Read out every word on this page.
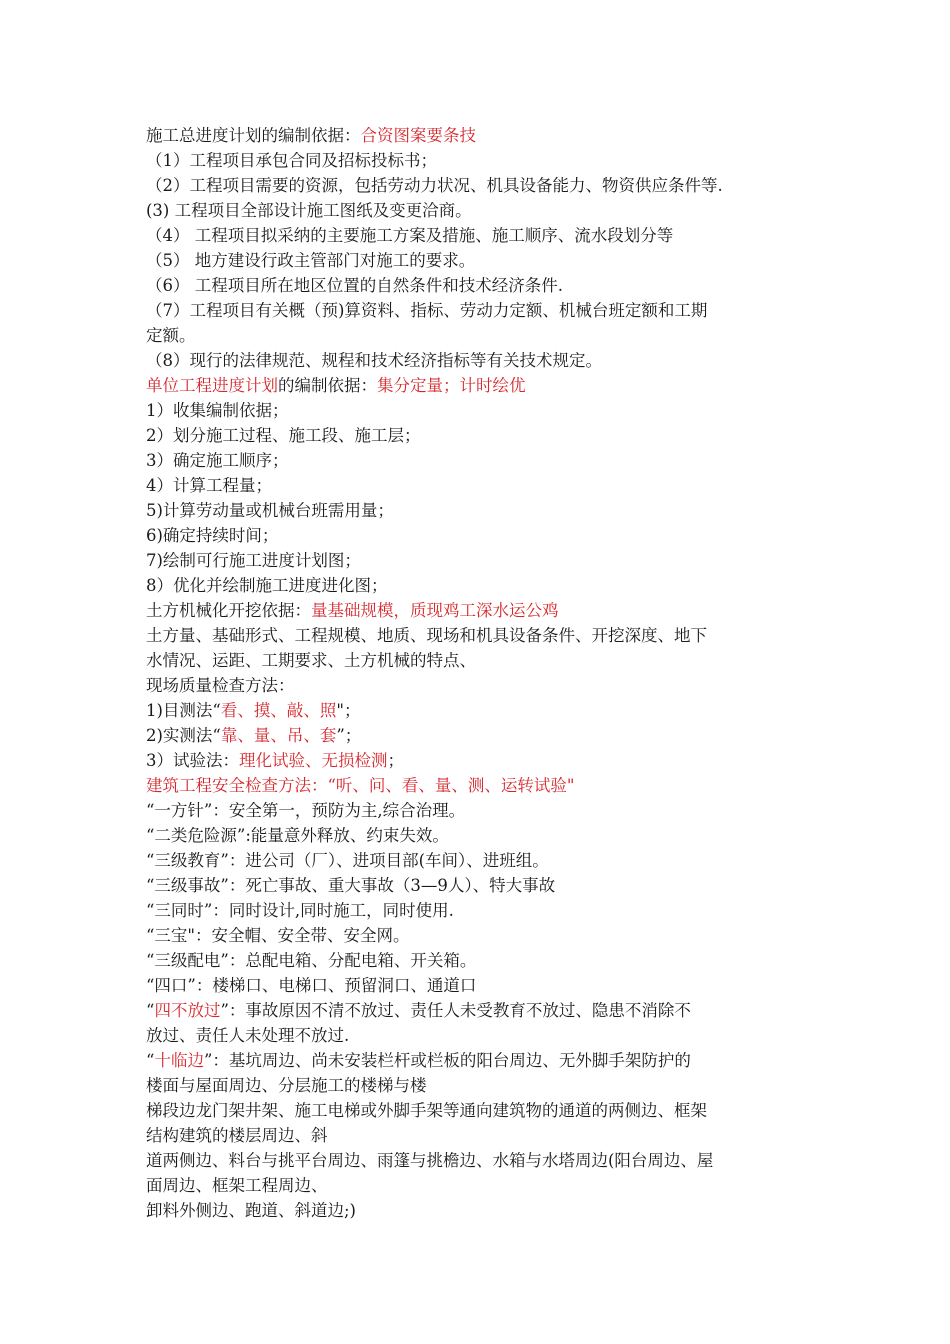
施工总进度计划的编制依据：合资图案要条技
（1）工程项目承包合同及招标投标书；
（2）工程项目需要的资源，包括劳动力状况、机具设备能力、物资供应条件等.
(3) 工程项目全部设计施工图纸及变更洽商。
（4） 工程项目拟采纳的主要施工方案及措施、施工顺序、流水段划分等
（5） 地方建设行政主管部门对施工的要求。
（6） 工程项目所在地区位置的自然条件和技术经济条件.
（7）工程项目有关概（预)算资料、指标、劳动力定额、机械台班定额和工期
定额。
（8）现行的法律规范、规程和技术经济指标等有关技术规定。
单位工程进度计划的编制依据：集分定量；计时绘优
1）收集编制依据；
2）划分施工过程、施工段、施工层；
3）确定施工顺序；
4）计算工程量；
5)计算劳动量或机械台班需用量；
6)确定持续时间；
7)绘制可行施工进度计划图；
8）优化并绘制施工进度进化图；
土方机械化开挖依据：量基础规模，质现鸡工深水运公鸡
土方量、基础形式、工程规模、地质、现场和机具设备条件、开挖深度、地下
水情况、运距、工期要求、土方机械的特点、
现场质量检查方法：
1)目测法“看、摸、敲、照"；
2)实测法“靠、量、吊、套”；
3）试验法：理化试验、无损检测；
建筑工程安全检查方法：“听、问、看、量、测、运转试验"
“一方针”：安全第一，预防为主,综合治理。
“二类危险源”:能量意外释放、约束失效。
“三级教育”：进公司（厂）、进项目部(车间）、进班组。
“三级事故”：死亡事故、重大事故（3—9人）、特大事故
“三同时”：同时设计,同时施工，同时使用.
“三宝"：安全帽、安全带、安全网。
“三级配电”：总配电箱、分配电箱、开关箱。
“四口”：楼梯口、电梯口、预留洞口、通道口
“四不放过”：事故原因不清不放过、责任人未受教育不放过、隐患不消除不
放过、责任人未处理不放过.
“十临边”：基坑周边、尚未安装栏杆或栏板的阳台周边、无外脚手架防护的
楼面与屋面周边、分层施工的楼梯与楼
梯段边龙门架井架、施工电梯或外脚手架等通向建筑物的通道的两侧边、框架
结构建筑的楼层周边、斜
道两侧边、料台与挑平台周边、雨篷与挑檐边、水箱与水塔周边(阳台周边、屋
面周边、框架工程周边、
卸料外侧边、跑道、斜道边;)
